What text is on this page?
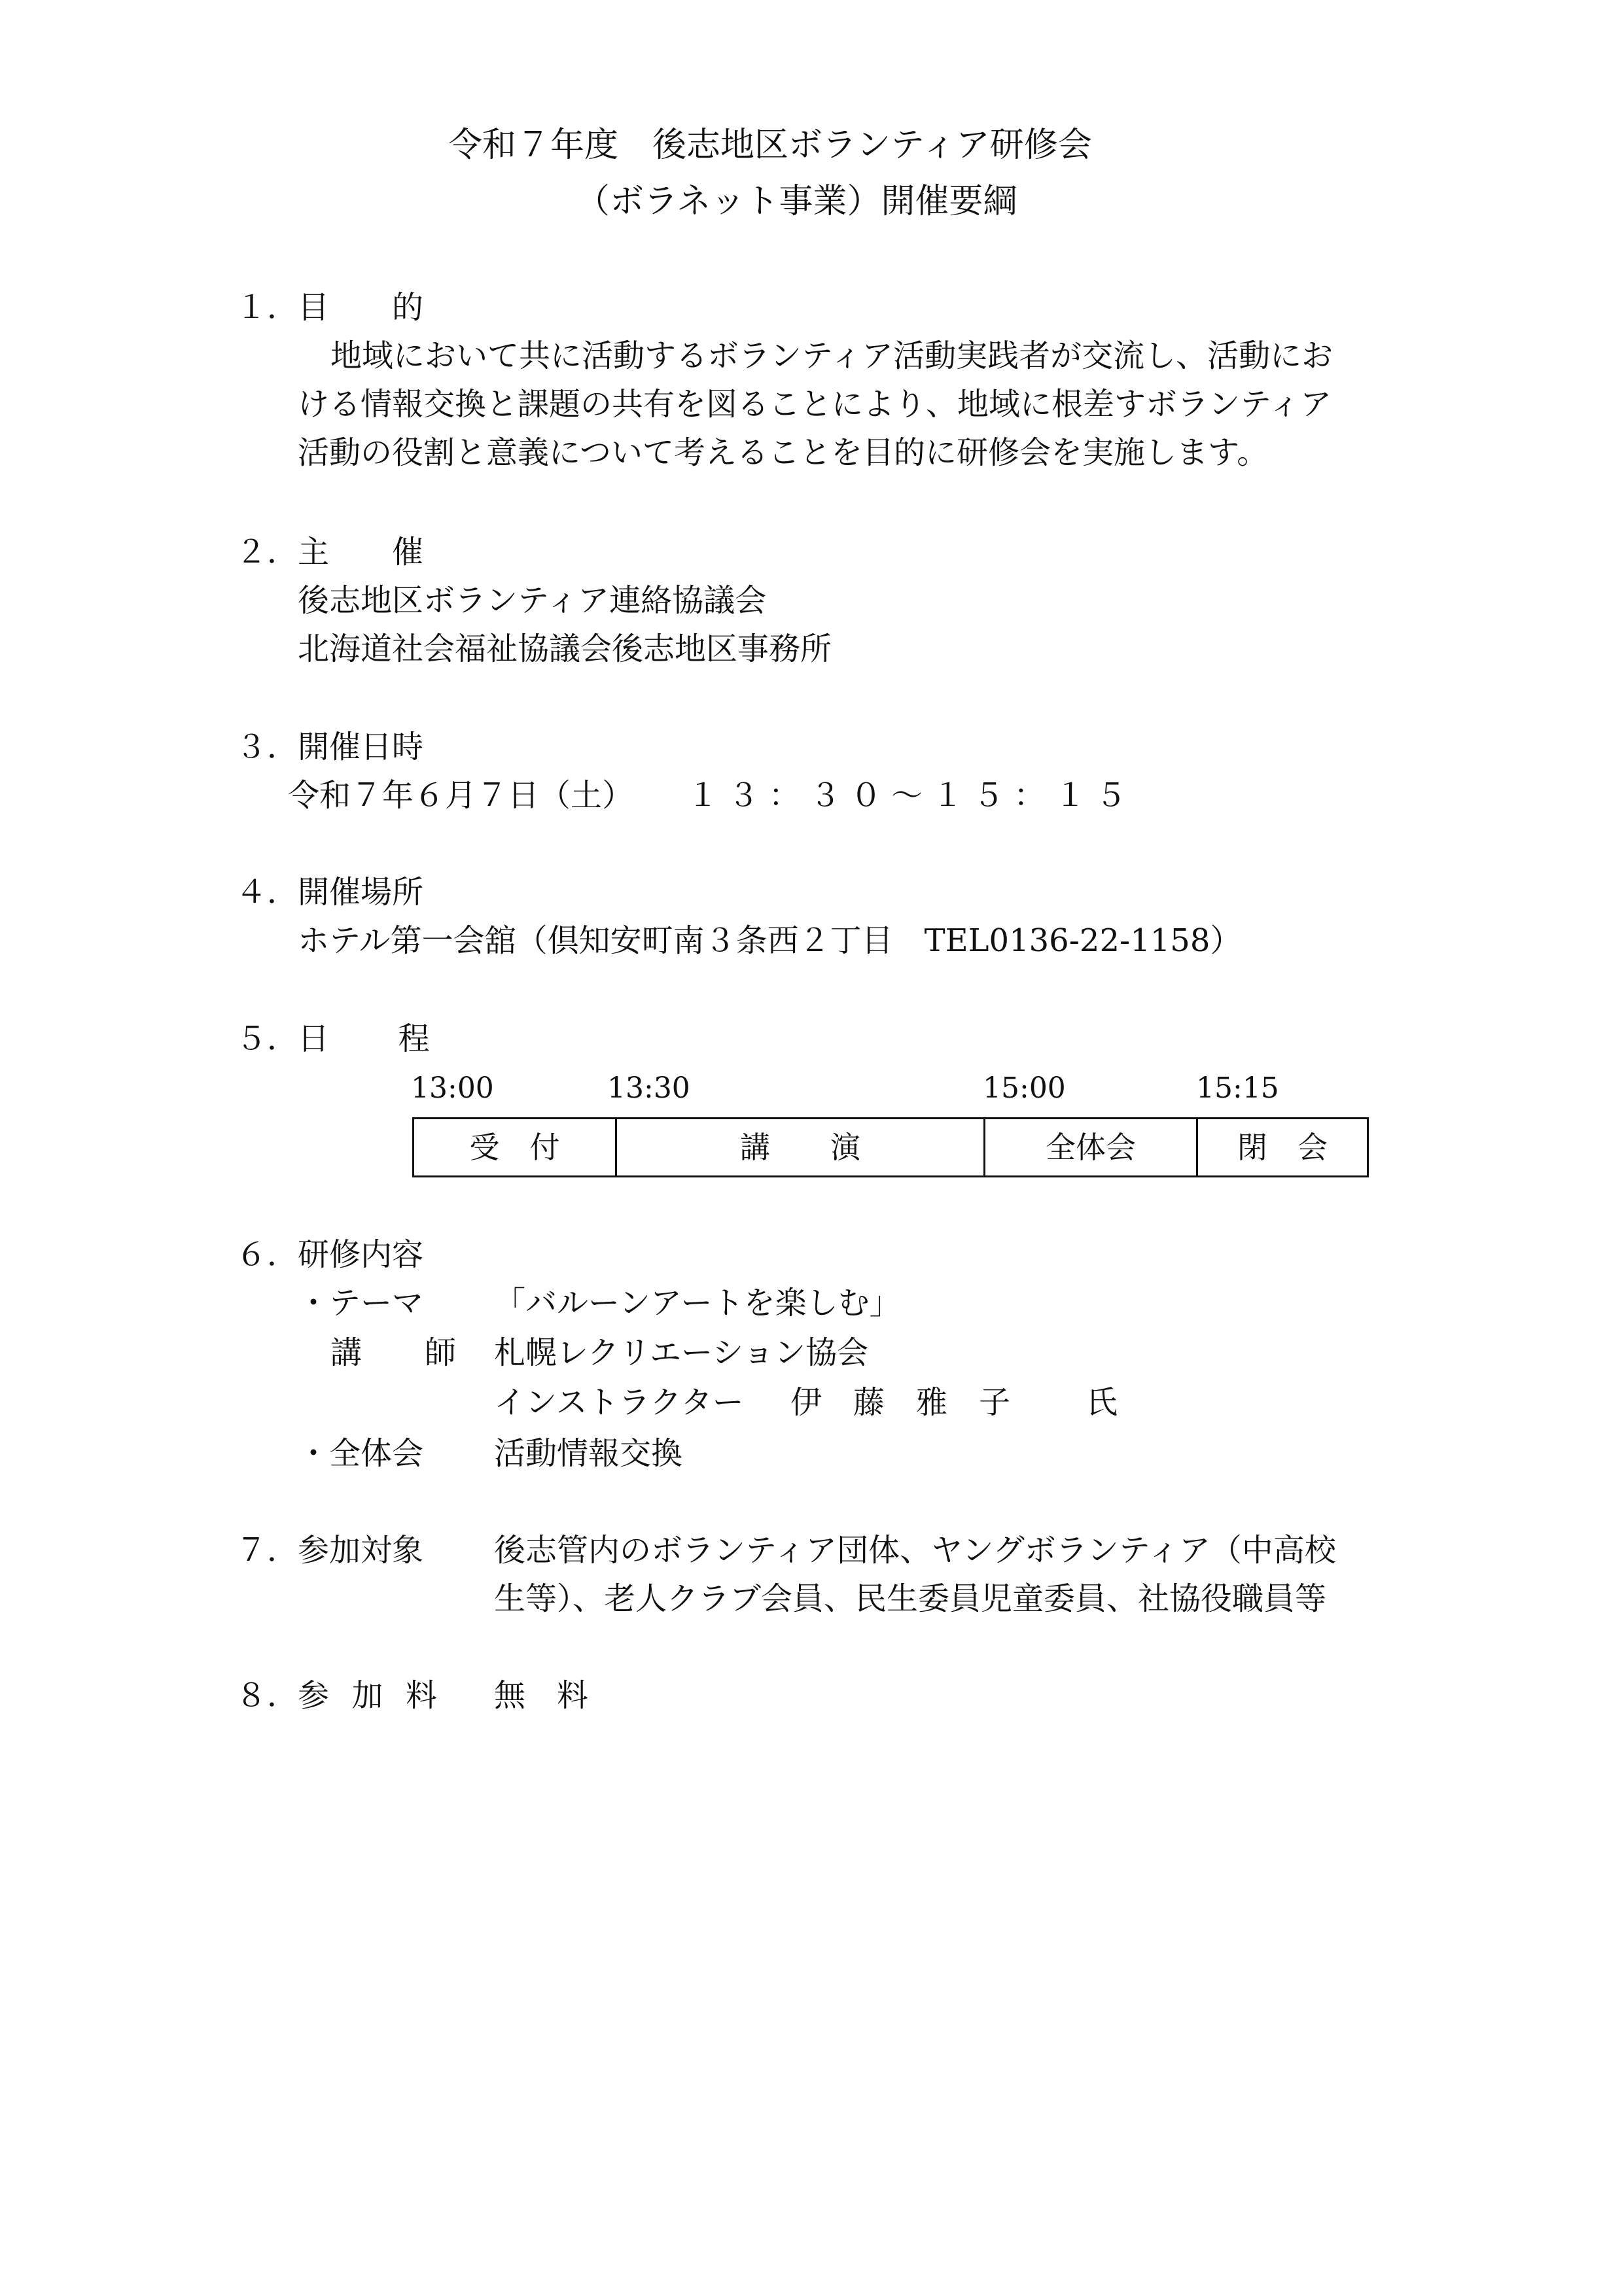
令和７年度　後志地区ボランティア研修会
（ボラネット事業）開催要綱
１．
目　的
地域において共に活動するボランティア活動実践者が交流し、活動にお
ける情報交換と課題の共有を図ることにより、地域に根差すボランティア
活動の役割と意義について考えることを目的に研修会を実施します。
２．
主　催
後志地区ボランティア連絡協議会
北海道社会福祉協議会後志地区事務所
３．
開催日時
令和７年６月７日（土） １３：３０～１５：１５
４．
開催場所
ホテル第一会舘（倶知安町南３条西２丁目　TEL0136-22-1158）
５．
日　程
13:00	13:30	15:00	15:15
受　付	講　　演	全体会	閉　会
６．
研修内容
・テーマ 「バルーンアートを楽しむ」
講　師 札幌レクリエーション協会
インストラクター 伊　藤　雅　子 氏
・全体会 活動情報交換
７．
参加対象 後志管内のボランティア団体、ヤングボランティア（中高校
生等）、老人クラブ会員、民生委員児童委員、社協役職員等
８．
参 加 料 無　料
